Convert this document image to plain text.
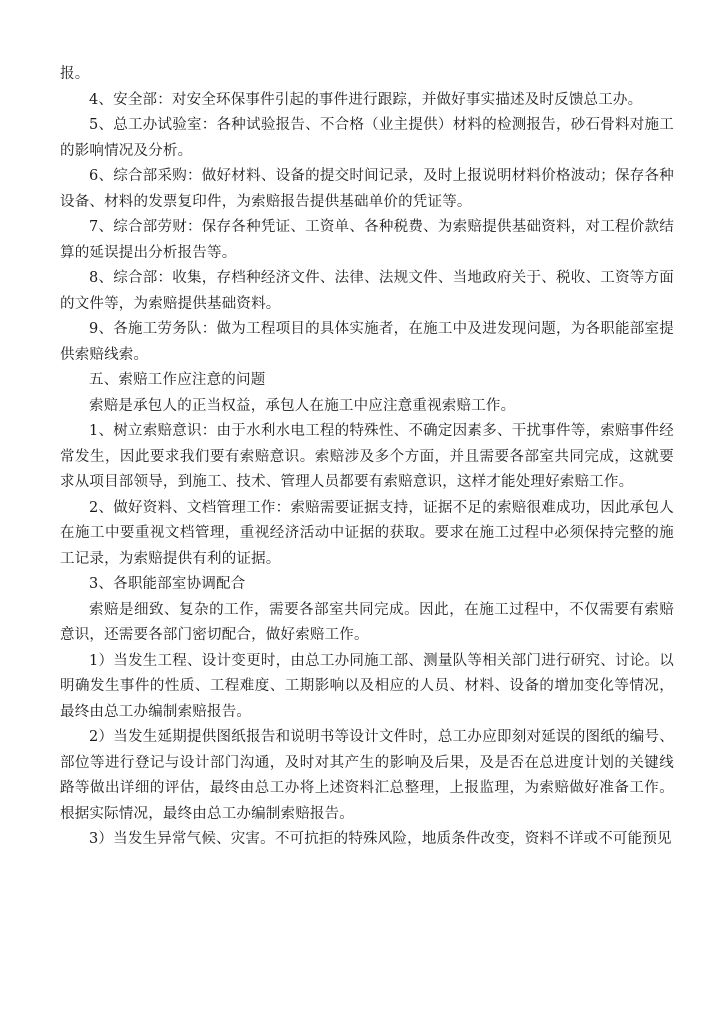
报。

4、安全部：对安全环保事件引起的事件进行跟踪，并做好事实描述及时反馈总工办。

5、总工办试验室：各种试验报告、不合格（业主提供）材料的检测报告，砂石骨料对施工的影响情况及分析。

6、综合部采购：做好材料、设备的提交时间记录，及时上报说明材料价格波动；保存各种设备、材料的发票复印件，为索赔报告提供基础单价的凭证等。

7、综合部劳财：保存各种凭证、工资单、各种税费、为索赔提供基础资料，对工程价款结算的延误提出分析报告等。

8、综合部：收集，存档种经济文件、法律、法规文件、当地政府关于、税收、工资等方面的文件等，为索赔提供基础资料。

9、各施工劳务队：做为工程项目的具体实施者，在施工中及进发现问题，为各职能部室提供索赔线索。

五、索赔工作应注意的问题

索赔是承包人的正当权益，承包人在施工中应注意重视索赔工作。

1、树立索赔意识：由于水利水电工程的特殊性、不确定因素多、干扰事件等，索赔事件经常发生，因此要求我们要有索赔意识。索赔涉及多个方面，并且需要各部室共同完成，这就要求从项目部领导，到施工、技术、管理人员都要有索赔意识，这样才能处理好索赔工作。

2、做好资料、文档管理工作：索赔需要证据支持，证据不足的索赔很难成功，因此承包人在施工中要重视文档管理，重视经济活动中证据的获取。要求在施工过程中必须保持完整的施工记录，为索赔提供有利的证据。

3、各职能部室协调配合

索赔是细致、复杂的工作，需要各部室共同完成。因此，在施工过程中，不仅需要有索赔意识，还需要各部门密切配合，做好索赔工作。

1）当发生工程、设计变更时，由总工办同施工部、测量队等相关部门进行研究、讨论。以明确发生事件的性质、工程难度、工期影响以及相应的人员、材料、设备的增加变化等情况，最终由总工办编制索赔报告。

2）当发生延期提供图纸报告和说明书等设计文件时，总工办应即刻对延误的图纸的编号、部位等进行登记与设计部门沟通，及时对其产生的影响及后果，及是否在总进度计划的关键线路等做出详细的评估，最终由总工办将上述资料汇总整理，上报监理，为索赔做好准备工作。根据实际情况，最终由总工办编制索赔报告。

3）当发生异常气候、灾害。不可抗拒的特殊风险，地质条件改变，资料不详或不可能预见
